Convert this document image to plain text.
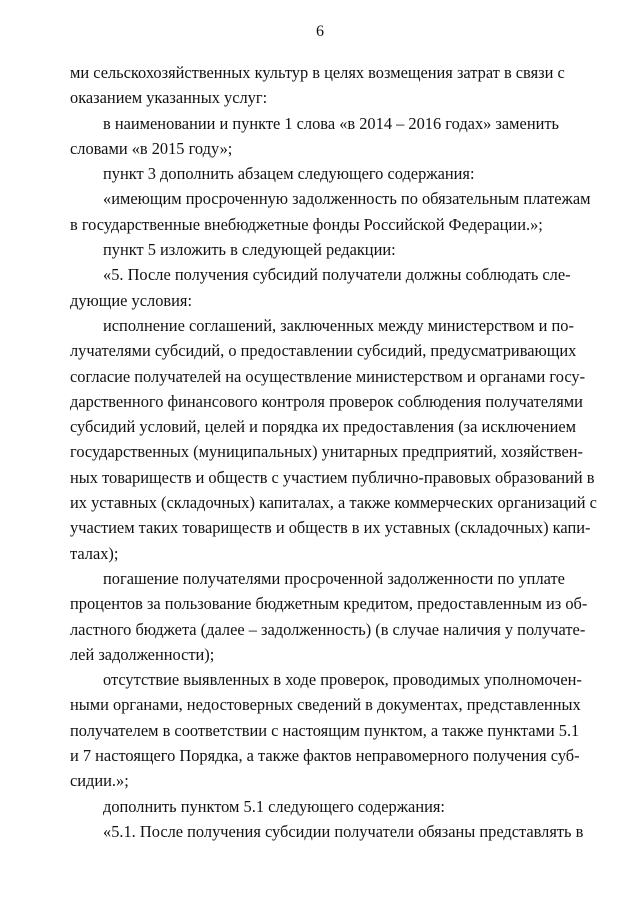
6
ми сельскохозяйственных культур в целях возмещения затрат в связи с
оказанием указанных услуг:
в наименовании и пункте 1 слова «в 2014 – 2016 годах» заменить
словами «в 2015 году»;
пункт 3 дополнить абзацем следующего содержания:
«имеющим просроченную задолженность по обязательным платежам
в государственные внебюджетные фонды Российской Федерации.»;
пункт 5 изложить в следующей редакции:
«5. После получения субсидий получатели должны соблюдать сле-
дующие условия:
исполнение соглашений, заключенных между министерством и по-
лучателями субсидий, о предоставлении субсидий, предусматривающих
согласие получателей на осуществление министерством и органами госу-
дарственного финансового контроля проверок соблюдения получателями
субсидий условий, целей и порядка их предоставления (за исключением
государственных (муниципальных) унитарных предприятий, хозяйствен-
ных товариществ и обществ с участием публично-правовых образований в
их уставных (складочных) капиталах, а также коммерческих организаций с
участием таких товариществ и обществ в их уставных (складочных) капи-
талах);
погашение получателями просроченной задолженности по уплате
процентов за пользование бюджетным кредитом, предоставленным из об-
ластного бюджета (далее – задолженность) (в случае наличия у получате-
лей задолженности);
отсутствие выявленных в ходе проверок, проводимых уполномочен-
ными органами, недостоверных сведений в документах, представленных
получателем в соответствии с настоящим пунктом, а также пунктами 5.1
и 7 настоящего Порядка, а также фактов неправомерного получения суб-
сидии.»;
дополнить пунктом 5.1 следующего содержания:
«5.1. После получения субсидии получатели обязаны представлять в
